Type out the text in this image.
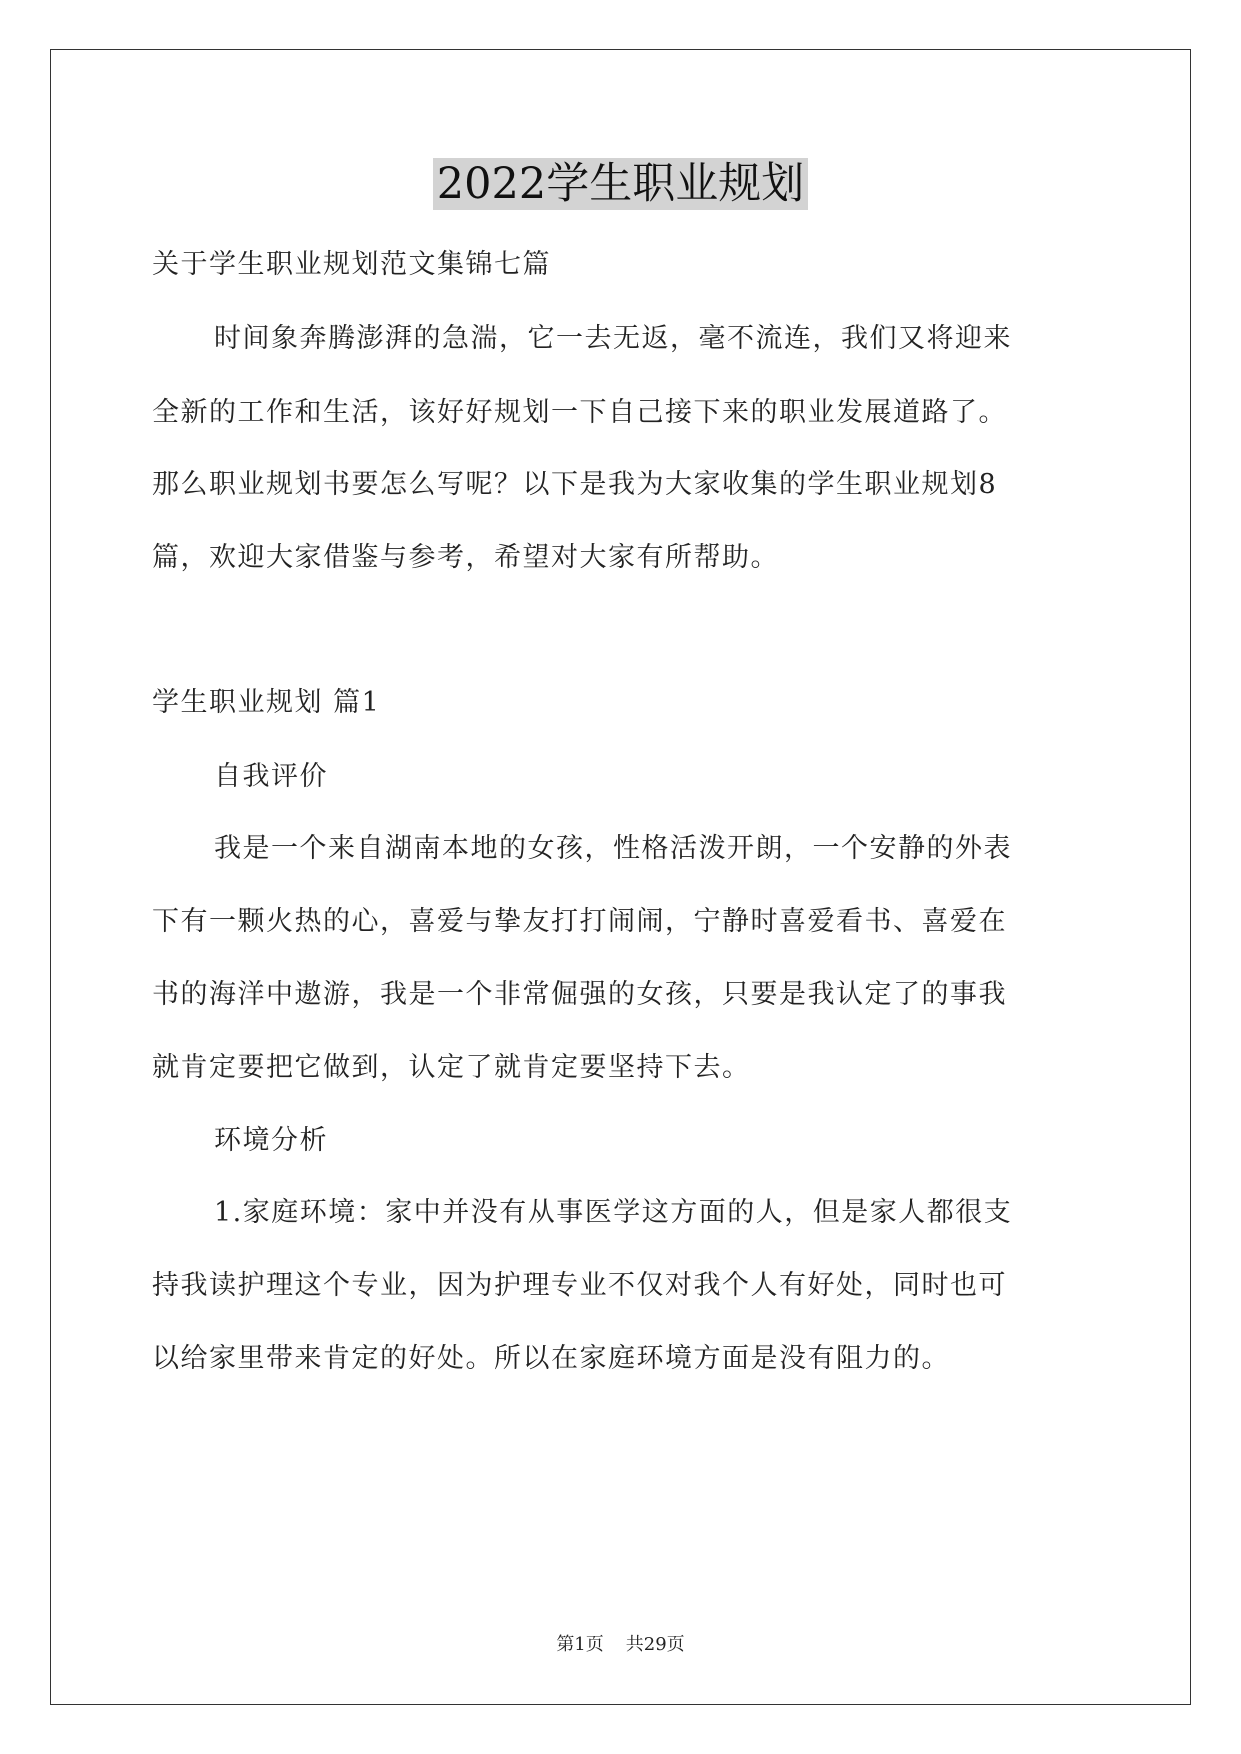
2022学生职业规划
关于学生职业规划范文集锦七篇
时间象奔腾澎湃的急湍，它一去无返，毫不流连，我们又将迎来
全新的工作和生活，该好好规划一下自己接下来的职业发展道路了。
那么职业规划书要怎么写呢？以下是我为大家收集的学生职业规划8
篇，欢迎大家借鉴与参考，希望对大家有所帮助。
学生职业规划 篇1
自我评价
我是一个来自湖南本地的女孩，性格活泼开朗，一个安静的外表
下有一颗火热的心，喜爱与挚友打打闹闹，宁静时喜爱看书、喜爱在
书的海洋中遨游，我是一个非常倔强的女孩，只要是我认定了的事我
就肯定要把它做到，认定了就肯定要坚持下去。
环境分析
1.家庭环境：家中并没有从事医学这方面的人，但是家人都很支
持我读护理这个专业，因为护理专业不仅对我个人有好处，同时也可
以给家里带来肯定的好处。所以在家庭环境方面是没有阻力的。
第1页 共29页
